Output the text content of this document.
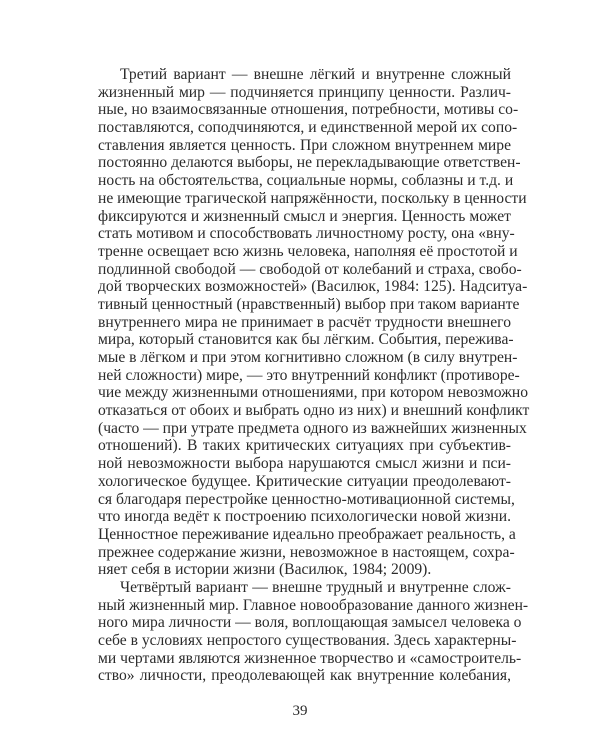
Третий вариант — внешне лёгкий и внутренне сложный
жизненный мир — подчиняется принципу ценности. Различ-
ные, но взаимосвязанные отношения, потребности, мотивы со-
поставляются, соподчиняются, и единственной мерой их сопо-
ставления является ценность. При сложном внутреннем мире
постоянно делаются выборы, не перекладывающие ответствен-
ность на обстоятельства, социальные нормы, соблазны и т.д. и
не имеющие трагической напряжённости, поскольку в ценности
фиксируются и жизненный смысл и энергия. Ценность может
стать мотивом и способствовать личностному росту, она «вну-
тренне освещает всю жизнь человека, наполняя её простотой и
подлинной свободой — свободой от колебаний и страха, свобо-
дой творческих возможностей» (Василюк, 1984: 125). Надситуа-
тивный ценностный (нравственный) выбор при таком варианте
внутреннего мира не принимает в расчёт трудности внешнего
мира, который становится как бы лёгким. События, пережива-
мые в лёгком и при этом когнитивно сложном (в силу внутрен-
ней сложности) мире, — это внутренний конфликт (противоре-
чие между жизненными отношениями, при котором невозможно
отказаться от обоих и выбрать одно из них) и внешний конфликт
(часто — при утрате предмета одного из важнейших жизненных
отношений). В таких критических ситуациях при субъектив-
ной невозможности выбора нарушаются смысл жизни и пси-
хологическое будущее. Критические ситуации преодолевают-
ся благодаря перестройке ценностно-мотивационной системы,
что иногда ведёт к построению психологически новой жизни.
Ценностное переживание идеально преображает реальность, а
прежнее содержание жизни, невозможное в настоящем, сохра-
няет себя в истории жизни (Василюк, 1984; 2009).
Четвёртый вариант — внешне трудный и внутренне слож-
ный жизненный мир. Главное новообразование данного жизнен-
ного мира личности — воля, воплощающая замысел человека о
себе в условиях непростого существования. Здесь характерны-
ми чертами являются жизненное творчество и «самостроитель-
ство» личности, преодолевающей как внутренние колебания,
39
